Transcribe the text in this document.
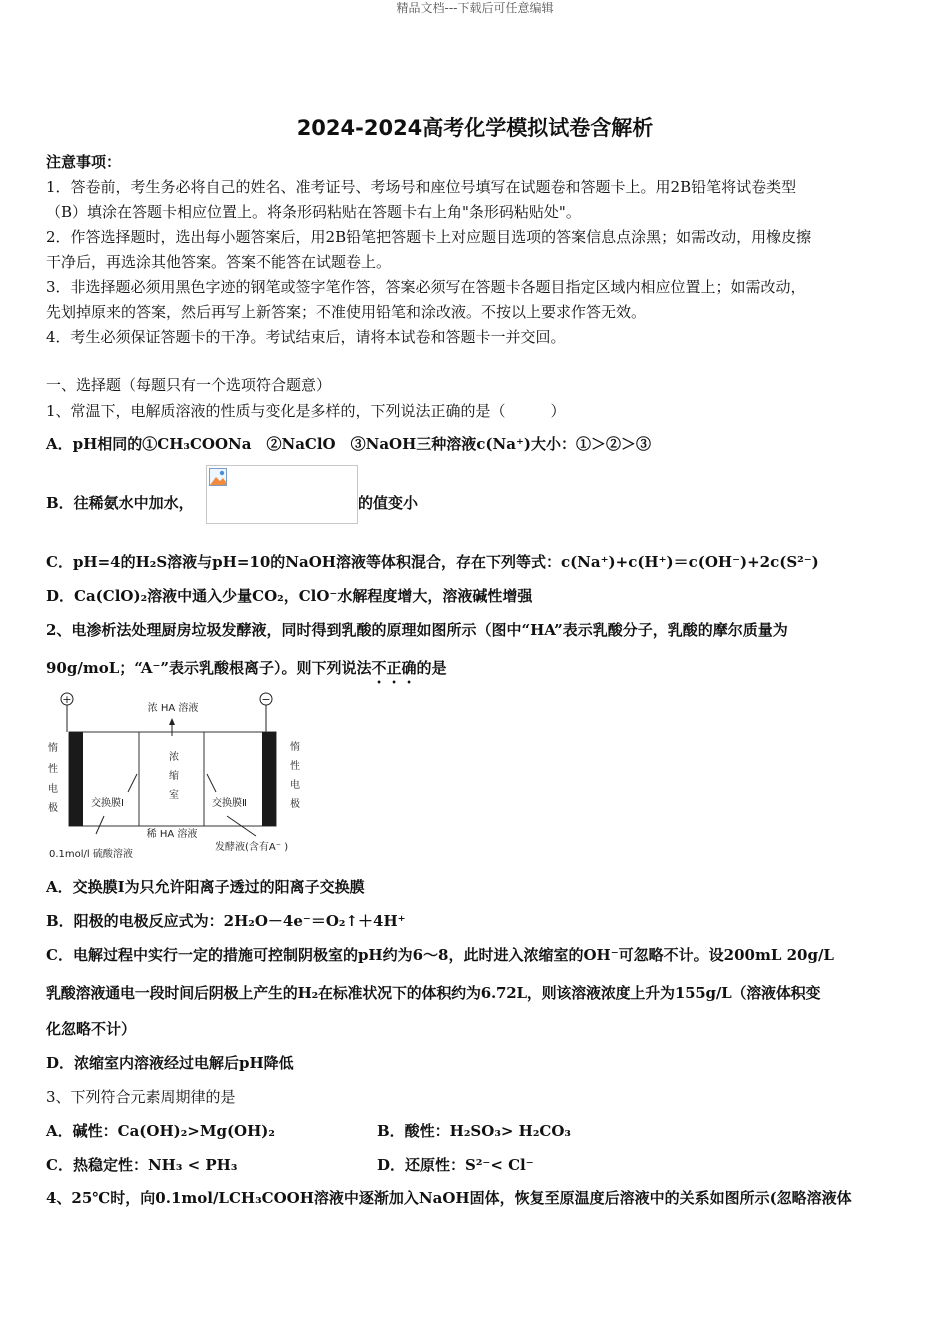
精品文档---下载后可任意编辑
2024-2024高考化学模拟试卷含解析
注意事项：
1．答卷前，考生务必将自己的姓名、准考证号、考场号和座位号填写在试题卷和答题卡上。用2B铅笔将试卷类型
（B）填涂在答题卡相应位置上。将条形码粘贴在答题卡右上角"条形码粘贴处"。
2．作答选择题时，选出每小题答案后，用2B铅笔把答题卡上对应题目选项的答案信息点涂黑；如需改动，用橡皮擦
干净后，再选涂其他答案。答案不能答在试题卷上。
3．非选择题必须用黑色字迹的钢笔或签字笔作答，答案必须写在答题卡各题目指定区域内相应位置上；如需改动，
先划掉原来的答案，然后再写上新答案；不准使用铅笔和涂改液。不按以上要求作答无效。
4．考生必须保证答题卡的干净。考试结束后，请将本试卷和答题卡一并交回。
一、选择题（每题只有一个选项符合题意）
1、常温下，电解质溶液的性质与变化是多样的，下列说法正确的是（　　　）
A．pH相同的①CH₃COONa　②NaClO　③NaOH三种溶液c(Na⁺)大小：①＞②＞③
B．往稀氨水中加水，	的值变小
C．pH=4的H₂S溶液与pH=10的NaOH溶液等体积混合，存在下列等式：c(Na⁺)+c(H⁺)＝c(OH⁻)+2c(S²⁻)
D．Ca(ClO)₂溶液中通入少量CO₂，ClO⁻水解程度增大，溶液碱性增强
2、电渗析法处理厨房垃圾发酵液，同时得到乳酸的原理如图所示（图中“HA”表示乳酸分子，乳酸的摩尔质量为
90g/moL；“A⁻”表示乳酸根离子）。则下列说法不正确的是
+	−
浓 HA 溶液
惰
性
电
极
惰
性
电
极
浓
缩
室
交换膜I	交换膜Ⅱ
稀 HA 溶液
0.1mol/l 硫酸溶液
发酵液(含有A⁻ )
A．交换膜I为只允许阳离子透过的阳离子交换膜
B．阳极的电极反应式为：2H₂O－4e⁻＝O₂↑＋4H⁺
C．电解过程中实行一定的措施可控制阴极室的pH约为6～8，此时进入浓缩室的OH⁻可忽略不计。设200mL 20g/L
乳酸溶液通电一段时间后阴极上产生的H₂在标准状况下的体积约为6.72L，则该溶液浓度上升为155g/L（溶液体积变
化忽略不计）
D．浓缩室内溶液经过电解后pH降低
3、下列符合元素周期律的是
A．碱性：Ca(OH)₂>Mg(OH)₂	B．酸性：H₂SO₃> H₂CO₃
C．热稳定性：NH₃ < PH₃	D．还原性：S²⁻< Cl⁻
4、25℃时，向0.1mol/LCH₃COOH溶液中逐渐加入NaOH固体，恢复至原温度后溶液中的关系如图所示(忽略溶液体
